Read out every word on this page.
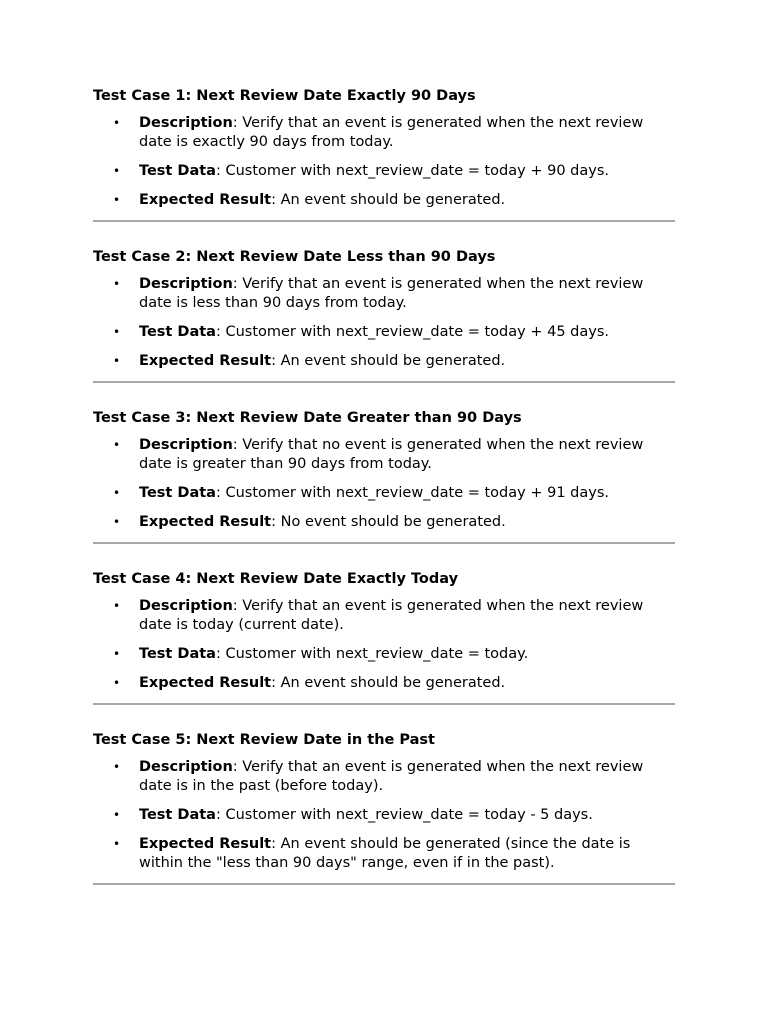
Test Case 1: Next Review Date Exactly 90 Days
• Description: Verify that an event is generated when the next review date is exactly 90 days from today.
• Test Data: Customer with next_review_date = today + 90 days.
• Expected Result: An event should be generated.
Test Case 2: Next Review Date Less than 90 Days
• Description: Verify that an event is generated when the next review date is less than 90 days from today.
• Test Data: Customer with next_review_date = today + 45 days.
• Expected Result: An event should be generated.
Test Case 3: Next Review Date Greater than 90 Days
• Description: Verify that no event is generated when the next review date is greater than 90 days from today.
• Test Data: Customer with next_review_date = today + 91 days.
• Expected Result: No event should be generated.
Test Case 4: Next Review Date Exactly Today
• Description: Verify that an event is generated when the next review date is today (current date).
• Test Data: Customer with next_review_date = today.
• Expected Result: An event should be generated.
Test Case 5: Next Review Date in the Past
• Description: Verify that an event is generated when the next review date is in the past (before today).
• Test Data: Customer with next_review_date = today - 5 days.
• Expected Result: An event should be generated (since the date is within the "less than 90 days" range, even if in the past).
